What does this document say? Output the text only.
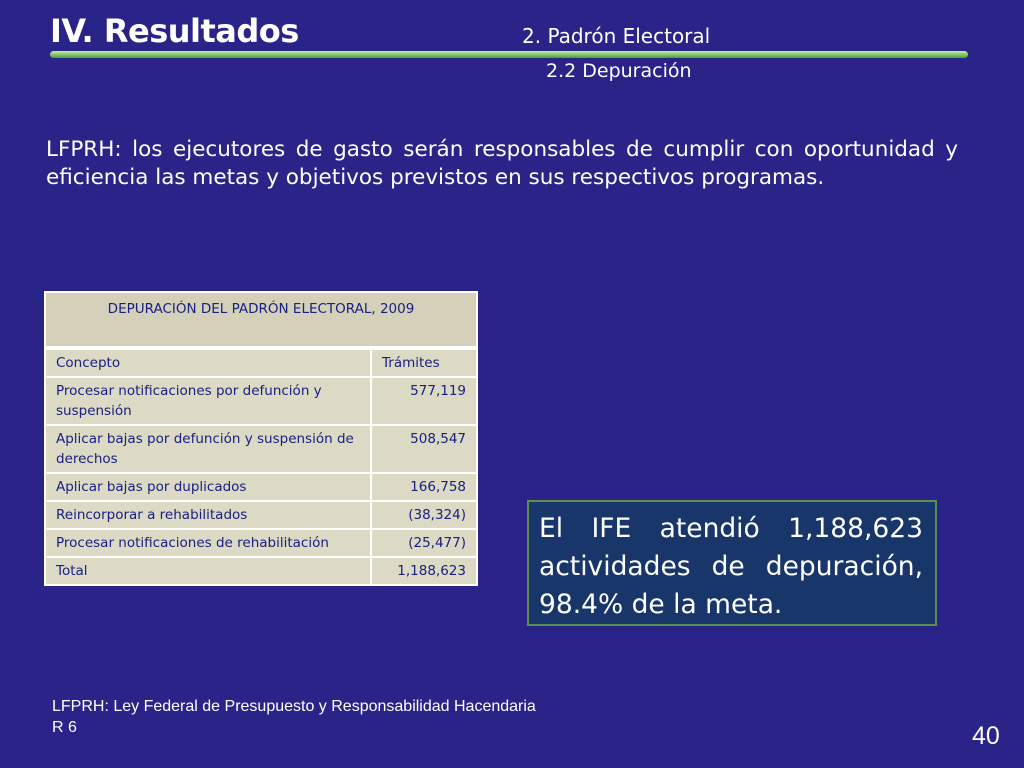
IV. Resultados	2. Padrón Electoral
2.2 Depuración
LFPRH: los ejecutores de gasto serán responsables de cumplir con oportunidad y eficiencia las metas y objetivos previstos en sus respectivos programas.
DEPURACIÓN DEL PADRÓN ELECTORAL, 2009	
Concepto	Trámites
Procesar notificaciones por defunción y suspensión	577,119
Aplicar bajas por defunción y suspensión de derechos	508,547
Aplicar bajas por duplicados	166,758
Reincorporar a rehabilitados	(38,324)
Procesar notificaciones de rehabilitación	(25,477)
Total	1,188,623
El IFE atendió 1,188,623 actividades de depuración, 98.4% de la meta.
LFPRH: Ley Federal de Presupuesto y Responsabilidad Hacendaria
R 6	40
